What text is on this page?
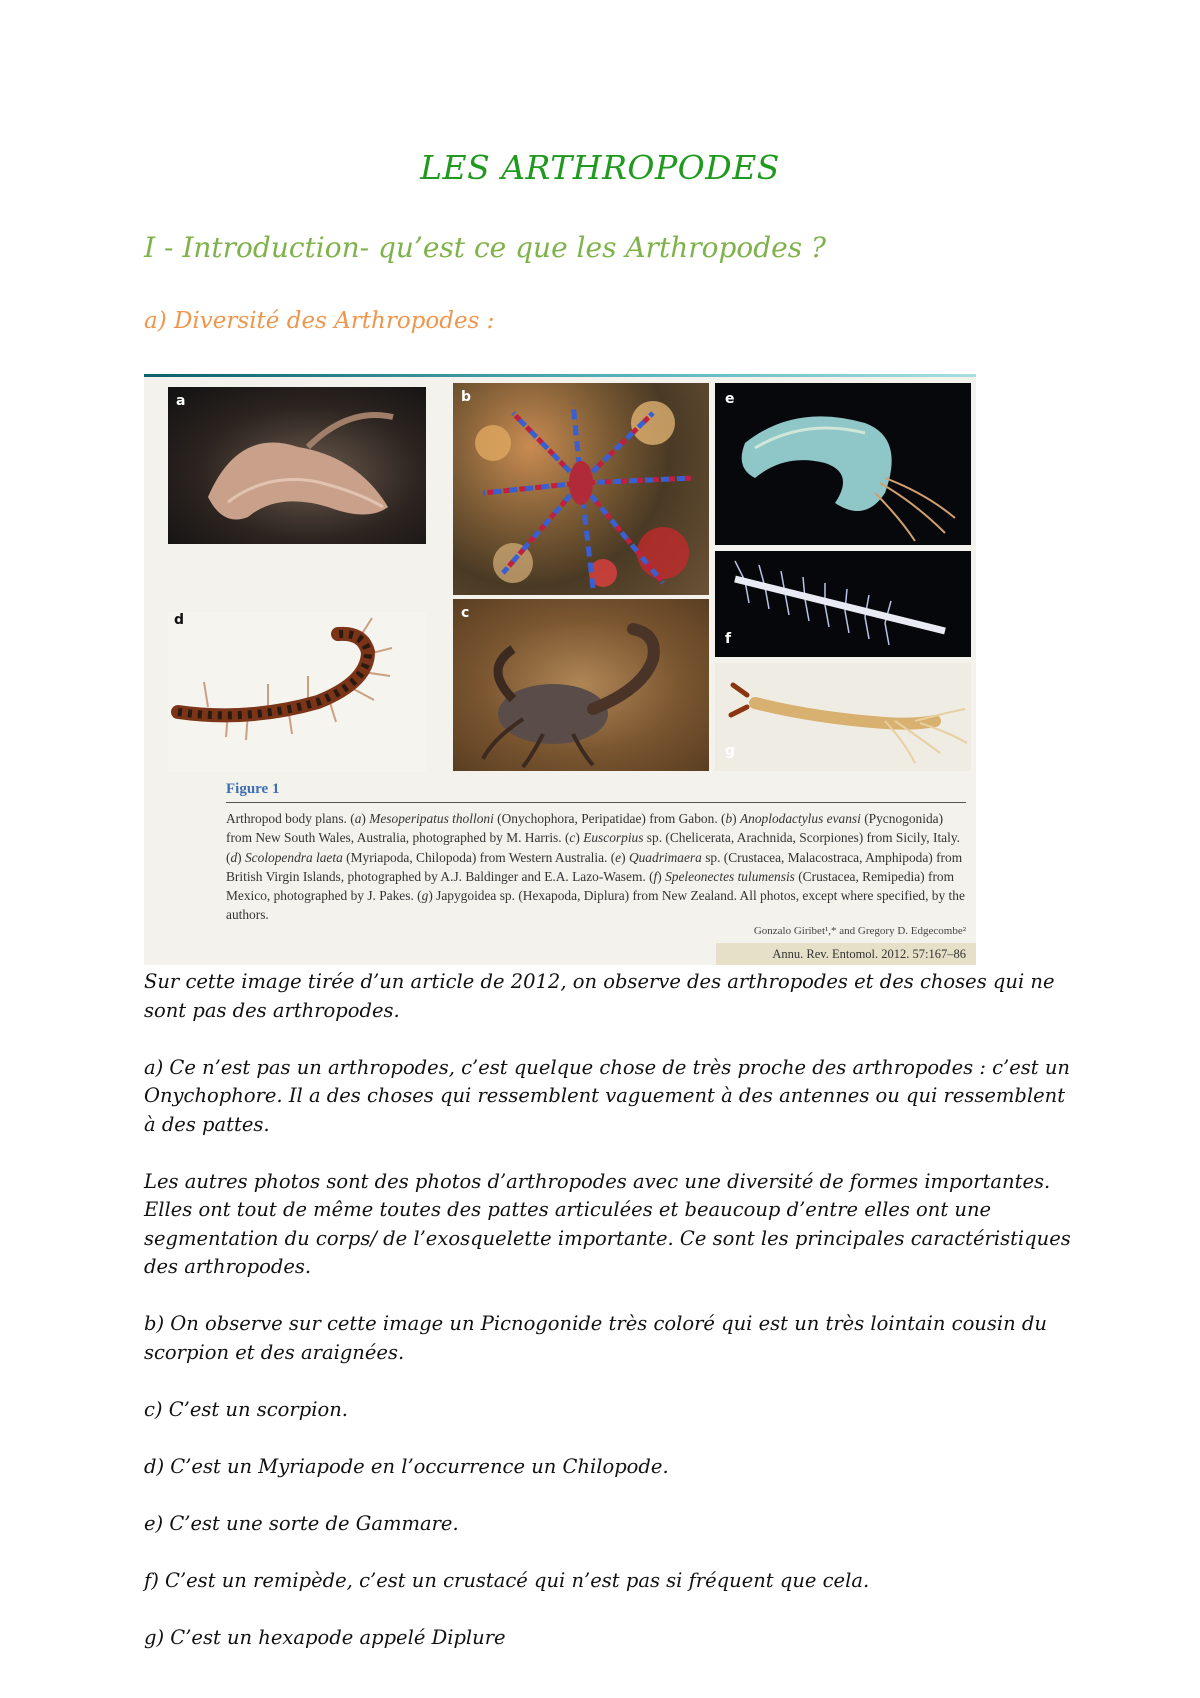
LES ARTHROPODES
I - Introduction- qu’est ce que les Arthropodes ?
a) Diversité des Arthropodes :
a	b	e
f
d	c
g
Figure 1
Arthropod body plans. (a) Mesoperipatus tholloni (Onychophora, Peripatidae) from Gabon. (b) Anoplodactylus evansi (Pycnogonida) from New South Wales, Australia, photographed by M. Harris. (c) Euscorpius sp. (Chelicerata, Arachnida, Scorpiones) from Sicily, Italy. (d) Scolopendra laeta (Myriapoda, Chilopoda) from Western Australia. (e) Quadrimaera sp. (Crustacea, Malacostraca, Amphipoda) from British Virgin Islands, photographed by A.J. Baldinger and E.A. Lazo-Wasem. (f) Speleonectes tulumensis (Crustacea, Remipedia) from Mexico, photographed by J. Pakes. (g) Japygoidea sp. (Hexapoda, Diplura) from New Zealand. All photos, except where specified, by the authors.
Gonzalo Giribet¹,* and Gregory D. Edgecombe²
Annu. Rev. Entomol. 2012. 57:167–86

Sur cette image tirée d’un article de 2012, on observe des arthropodes et des choses qui ne sont pas des arthropodes.

a) Ce n’est pas un arthropodes, c’est quelque chose de très proche des arthropodes : c’est un Onychophore. Il a des choses qui ressemblent vaguement à des antennes ou qui ressemblent à des pattes.

Les autres photos sont des photos d’arthropodes avec une diversité de formes importantes. Elles ont tout de même toutes des pattes articulées et beaucoup d’entre elles ont une segmentation du corps/ de l’exosquelette importante. Ce sont les principales caractéristiques des arthropodes.

b) On observe sur cette image un Picnogonide très coloré qui est un très lointain cousin du scorpion et des araignées.

c) C’est un scorpion.

d) C’est un Myriapode en l’occurrence un Chilopode.

e) C’est une sorte de Gammare.

f) C’est un remipède, c’est un crustacé qui n’est pas si fréquent que cela.

g) C’est un hexapode appelé Diplure
